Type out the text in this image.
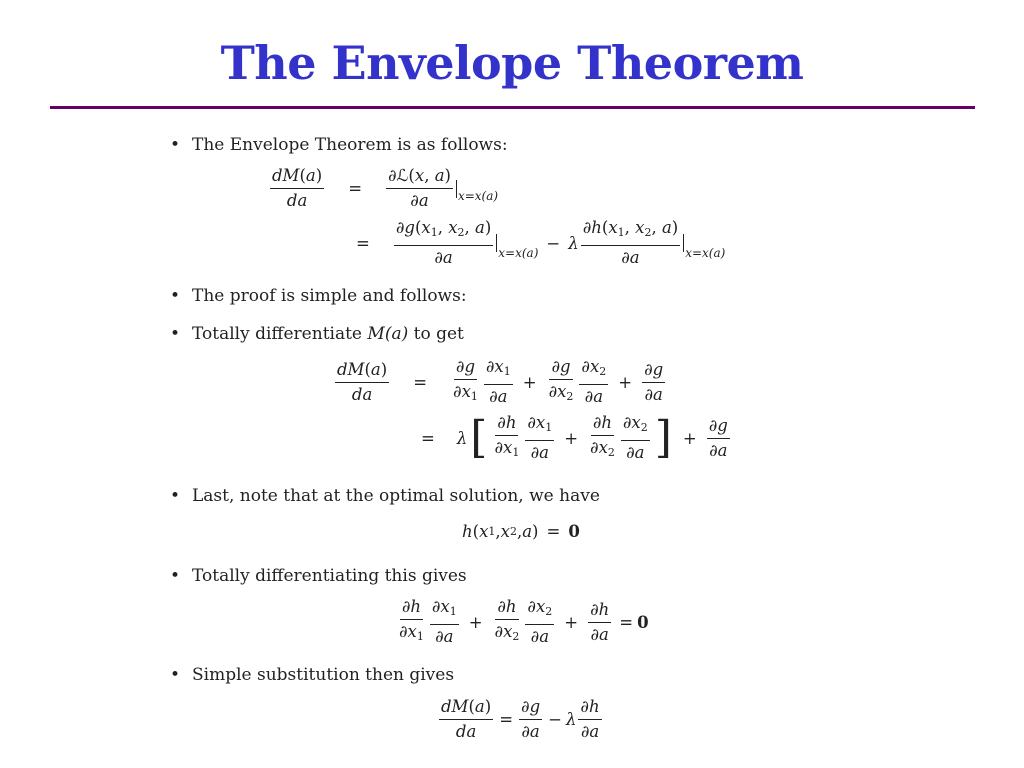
The Envelope Theorem
• The Envelope Theorem is as follows:
$\frac{dM(a)}{da} = \frac{\text{∂ℒ(x, a)}}{\partial a} x=x(a)$
= $\frac{\partial g(x_1, x_2, a)}{\partial a} x=x(a)$
− λ $\frac{\partial h(x_1, x_2, a)}{\partial a} x=x(a)$
• The proof is simple and follows:
• Totally differentiate M(a) to get
$\frac{dM(a)}{da} = \frac{\partial g}{\partial x_1} \frac{\partial x_1}{\partial a} + \frac{\partial g}{\partial x_2} \frac{\partial x_2}{\partial a} + \frac{\partial g}{\partial a}$
= λ [ $\frac{\partial h}{\partial x_1} \frac{\partial x_1}{\partial a} + \frac{\partial h}{\partial x_2} \frac{\partial x_2}{\partial a}$ ] + $\frac{\partial g}{\partial a}$
• Last, note that at the optimal solution, we have
h ( x 1 , x 2 , a ) = 0
• Totally differentiating this gives
$\frac{\partial h}{\partial x_1} \frac{\partial x_1}{\partial a} + \frac{\partial h}{\partial x_2} \frac{\partial x_2}{\partial a} + \frac{\partial h}{\partial a} = 0$
• Simple substitution then gives
$\frac{dM(a)}{da} = \frac{\partial g}{\partial a} - \lambda \frac{\partial h}{\partial a}$
